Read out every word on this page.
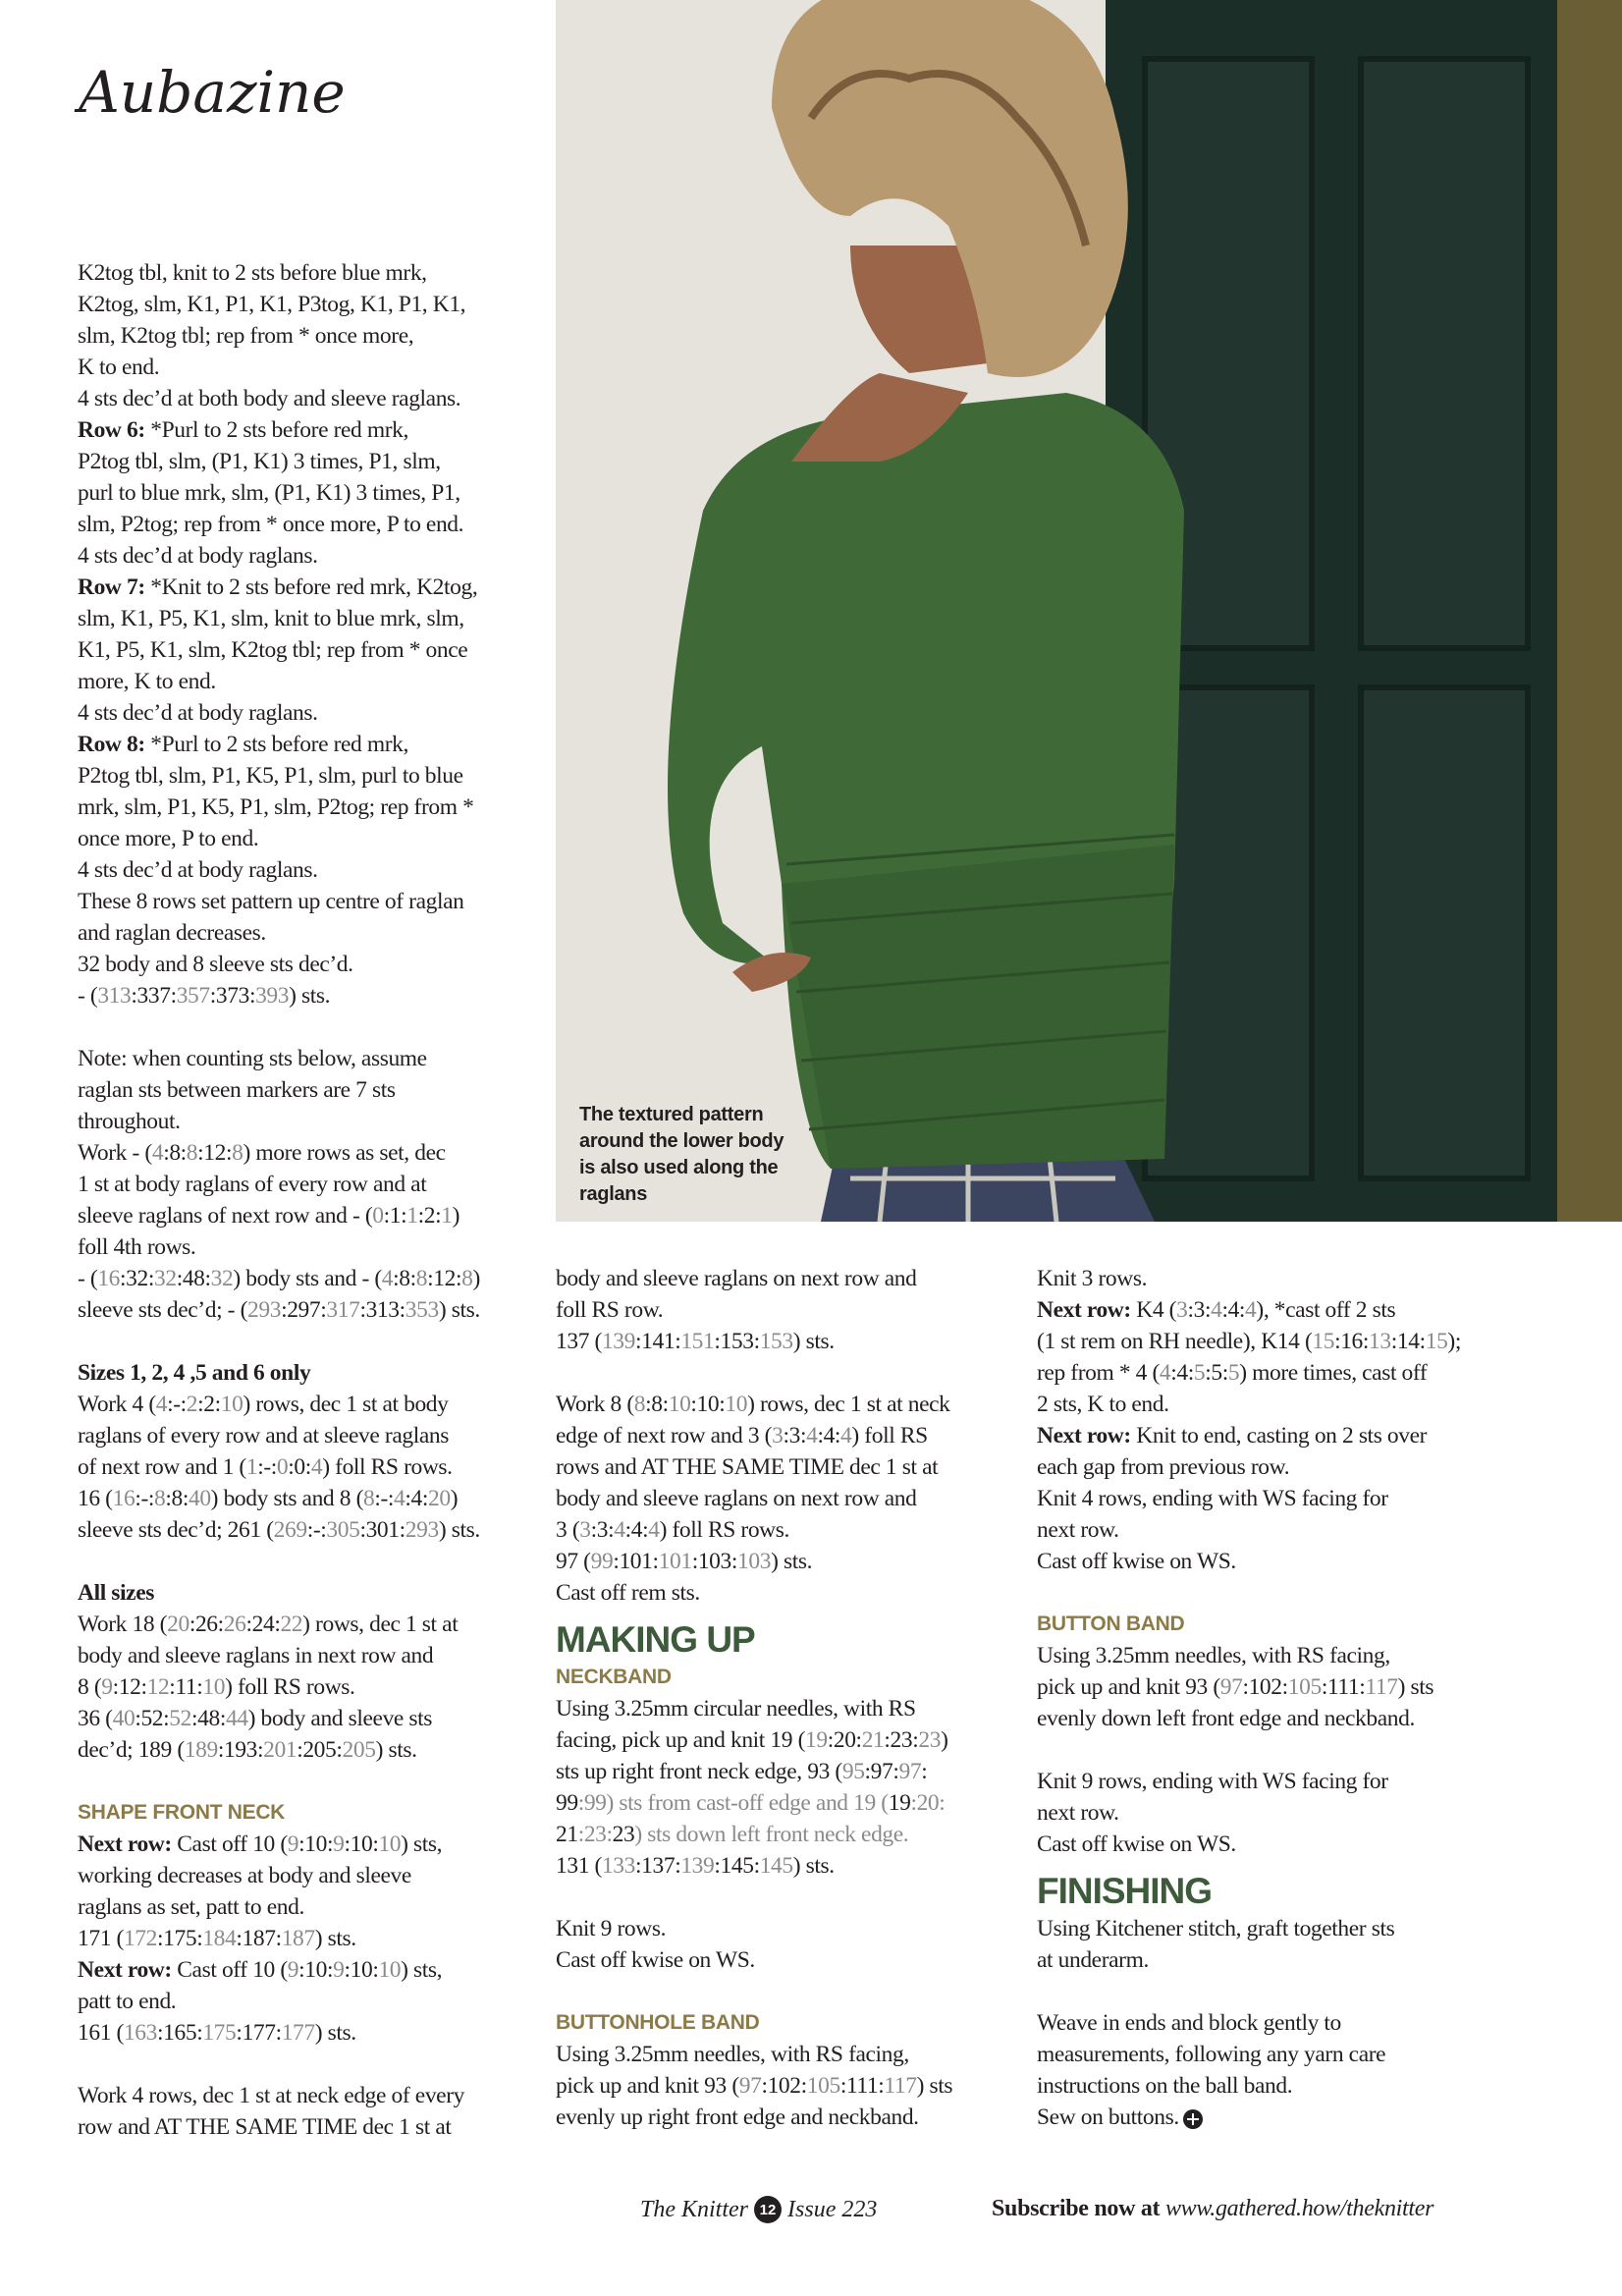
Aubazine
The textured pattern around the lower body is also used along the raglans

K2tog tbl, knit to 2 sts before blue mrk,

K2tog, slm, K1, P1, K1, P3tog, K1, P1, K1,

slm, K2tog tbl; rep from * once more,

K to end.

4 sts dec’d at both body and sleeve raglans.

Row 6: *Purl to 2 sts before red mrk,

P2tog tbl, slm, (P1, K1) 3 times, P1, slm,

purl to blue mrk, slm, (P1, K1) 3 times, P1,

slm, P2tog; rep from * once more, P to end.

4 sts dec’d at body raglans.

Row 7: *Knit to 2 sts before red mrk, K2tog,

slm, K1, P5, K1, slm, knit to blue mrk, slm,

K1, P5, K1, slm, K2tog tbl; rep from * once

more, K to end.

4 sts dec’d at body raglans.

Row 8: *Purl to 2 sts before red mrk,

P2tog tbl, slm, P1, K5, P1, slm, purl to blue

mrk, slm, P1, K5, P1, slm, P2tog; rep from *

once more, P to end.

4 sts dec’d at body raglans.

These 8 rows set pattern up centre of raglan

and raglan decreases.

32 body and 8 sleeve sts dec’d.

- (313:337:357:373:393) sts.

Note: when counting sts below, assume

raglan sts between markers are 7 sts

throughout.

Work - (4:8:8:12:8) more rows as set, dec

1 st at body raglans of every row and at

sleeve raglans of next row and - (0:1:1:2:1)

foll 4th rows.

- (16:32:32:48:32) body sts and - (4:8:8:12:8)

sleeve sts dec’d; - (293:297:317:313:353) sts.

Sizes 1, 2, 4 ,5 and 6 only

Work 4 (4:-:2:2:10) rows, dec 1 st at body

raglans of every row and at sleeve raglans

of next row and 1 (1:-:0:0:4) foll RS rows.

16 (16:-:8:8:40) body sts and 8 (8:-:4:4:20)

sleeve sts dec’d; 261 (269:-:305:301:293) sts.

All sizes

Work 18 (20:26:26:24:22) rows, dec 1 st at

body and sleeve raglans in next row and

8 (9:12:12:11:10) foll RS rows.

36 (40:52:52:48:44) body and sleeve sts

dec’d; 189 (189:193:201:205:205) sts.

SHAPE FRONT NECK

Next row: Cast off 10 (9:10:9:10:10) sts,

working decreases at body and sleeve

raglans as set, patt to end.

171 (172:175:184:187:187) sts.

Next row: Cast off 10 (9:10:9:10:10) sts,

patt to end.

161 (163:165:175:177:177) sts.

Work 4 rows, dec 1 st at neck edge of every

row and AT THE SAME TIME dec 1 st at

body and sleeve raglans on next row and

foll RS row.

137 (139:141:151:153:153) sts.

Work 8 (8:8:10:10:10) rows, dec 1 st at neck

edge of next row and 3 (3:3:4:4:4) foll RS

rows and AT THE SAME TIME dec 1 st at

body and sleeve raglans on next row and

3 (3:3:4:4:4) foll RS rows.

97 (99:101:101:103:103) sts.

Cast off rem sts.

MAKING UP
NECKBAND

Using 3.25mm circular needles, with RS

facing, pick up and knit 19 (19:20:21:23:23)

sts up right front neck edge, 93 (95:97:97:

99:99) sts from cast-off edge and 19 (19:20:

21:23:23) sts down left front neck edge.

131 (133:137:139:145:145) sts.

Knit 9 rows.

Cast off kwise on WS.

BUTTONHOLE BAND

Using 3.25mm needles, with RS facing,

pick up and knit 93 (97:102:105:111:117) sts

evenly up right front edge and neckband.

Knit 3 rows.

Next row: K4 (3:3:4:4:4), *cast off 2 sts

(1 st rem on RH needle), K14 (15:16:13:14:15);

rep from * 4 (4:4:5:5:5) more times, cast off

2 sts, K to end.

Next row: Knit to end, casting on 2 sts over

each gap from previous row.

Knit 4 rows, ending with WS facing for

next row.

Cast off kwise on WS.

BUTTON BAND

Using 3.25mm needles, with RS facing,

pick up and knit 93 (97:102:105:111:117) sts

evenly down left front edge and neckband.

Knit 9 rows, ending with WS facing for

next row.

Cast off kwise on WS.

FINISHING

Using Kitchener stitch, graft together sts

at underarm.

Weave in ends and block gently to

measurements, following any yarn care

instructions on the ball band.

Sew on buttons.

The Knitter 12 Issue 223	Subscribe now at www.gathered.how/theknitter
